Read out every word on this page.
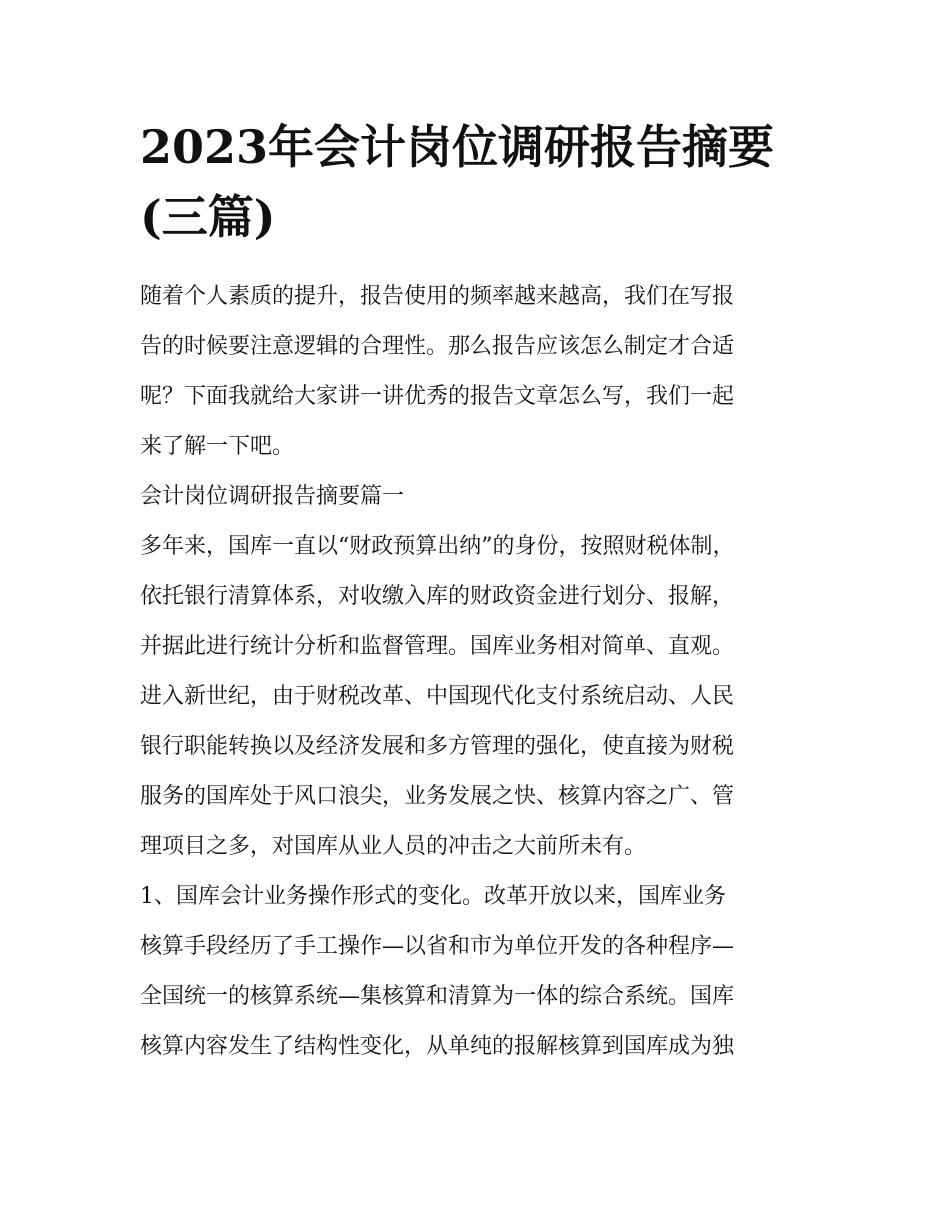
2023年会计岗位调研报告摘要
(三篇)
随着个人素质的提升，报告使用的频率越来越高，我们在写报
告的时候要注意逻辑的合理性。那么报告应该怎么制定才合适
呢？下面我就给大家讲一讲优秀的报告文章怎么写，我们一起
来了解一下吧。
会计岗位调研报告摘要篇一
多年来，国库一直以“财政预算出纳”的身份，按照财税体制，
依托银行清算体系，对收缴入库的财政资金进行划分、报解，
并据此进行统计分析和监督管理。国库业务相对简单、直观。
进入新世纪，由于财税改革、中国现代化支付系统启动、人民
银行职能转换以及经济发展和多方管理的强化，使直接为财税
服务的国库处于风口浪尖，业务发展之快、核算内容之广、管
理项目之多，对国库从业人员的冲击之大前所未有。
1、国库会计业务操作形式的变化。改革开放以来，国库业务
核算手段经历了手工操作—以省和市为单位开发的各种程序—
全国统一的核算系统—集核算和清算为一体的综合系统。国库
核算内容发生了结构性变化，从单纯的报解核算到国库成为独
